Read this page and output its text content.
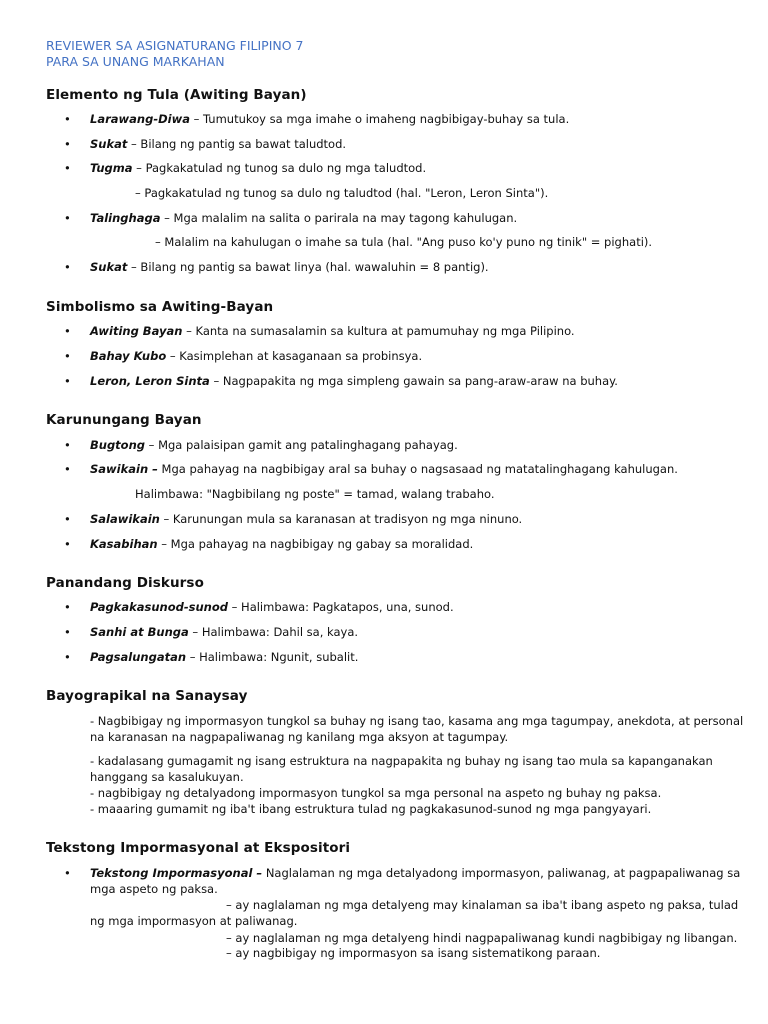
REVIEWER SA ASIGNATURANG FILIPINO 7
PARA SA UNANG MARKAHAN
Elemento ng Tula (Awiting Bayan)
• Larawang-Diwa – Tumutukoy sa mga imahe o imaheng nagbibigay-buhay sa tula.
• Sukat – Bilang ng pantig sa bawat taludtod.
• Tugma – Pagkakatulad ng tunog sa dulo ng mga taludtod.
– Pagkakatulad ng tunog sa dulo ng taludtod (hal. "Leron, Leron Sinta").
• Talinghaga – Mga malalim na salita o parirala na may tagong kahulugan.
– Malalim na kahulugan o imahe sa tula (hal. "Ang puso ko'y puno ng tinik" = pighati).
• Sukat – Bilang ng pantig sa bawat linya (hal. wawaluhin = 8 pantig).
Simbolismo sa Awiting-Bayan
• Awiting Bayan – Kanta na sumasalamin sa kultura at pamumuhay ng mga Pilipino.
• Bahay Kubo – Kasimplehan at kasaganaan sa probinsya.
• Leron, Leron Sinta – Nagpapakita ng mga simpleng gawain sa pang-araw-araw na buhay.
Karunungang Bayan
• Bugtong – Mga palaisipan gamit ang patalinghagang pahayag.
• Sawikain – Mga pahayag na nagbibigay aral sa buhay o nagsasaad ng matatalinghagang kahulugan.
Halimbawa: "Nagbibilang ng poste" = tamad, walang trabaho.
• Salawikain – Karunungan mula sa karanasan at tradisyon ng mga ninuno.
• Kasabihan – Mga pahayag na nagbibigay ng gabay sa moralidad.
Panandang Diskurso
• Pagkakasunod-sunod – Halimbawa: Pagkatapos, una, sunod.
• Sanhi at Bunga – Halimbawa: Dahil sa, kaya.
• Pagsalungatan – Halimbawa: Ngunit, subalit.
Bayograpikal na Sanaysay
- Nagbibigay ng impormasyon tungkol sa buhay ng isang tao, kasama ang mga tagumpay, anekdota, at personal
na karanasan na nagpapaliwanag ng kanilang mga aksyon at tagumpay.
- kadalasang gumagamit ng isang estruktura na nagpapakita ng buhay ng isang tao mula sa kapanganakan
hanggang sa kasalukuyan.
- nagbibigay ng detalyadong impormasyon tungkol sa mga personal na aspeto ng buhay ng paksa.
- maaaring gumamit ng iba't ibang estruktura tulad ng pagkakasunod-sunod ng mga pangyayari.
Tekstong Impormasyonal at Ekspositori
• Tekstong Impormasyonal – Naglalaman ng mga detalyadong impormasyon, paliwanag, at pagpapaliwanag sa
mga aspeto ng paksa.
– ay naglalaman ng mga detalyeng may kinalaman sa iba't ibang aspeto ng paksa, tulad
ng mga impormasyon at paliwanag.
– ay naglalaman ng mga detalyeng hindi nagpapaliwanag kundi nagbibigay ng libangan.
– ay nagbibigay ng impormasyon sa isang sistematikong paraan.
